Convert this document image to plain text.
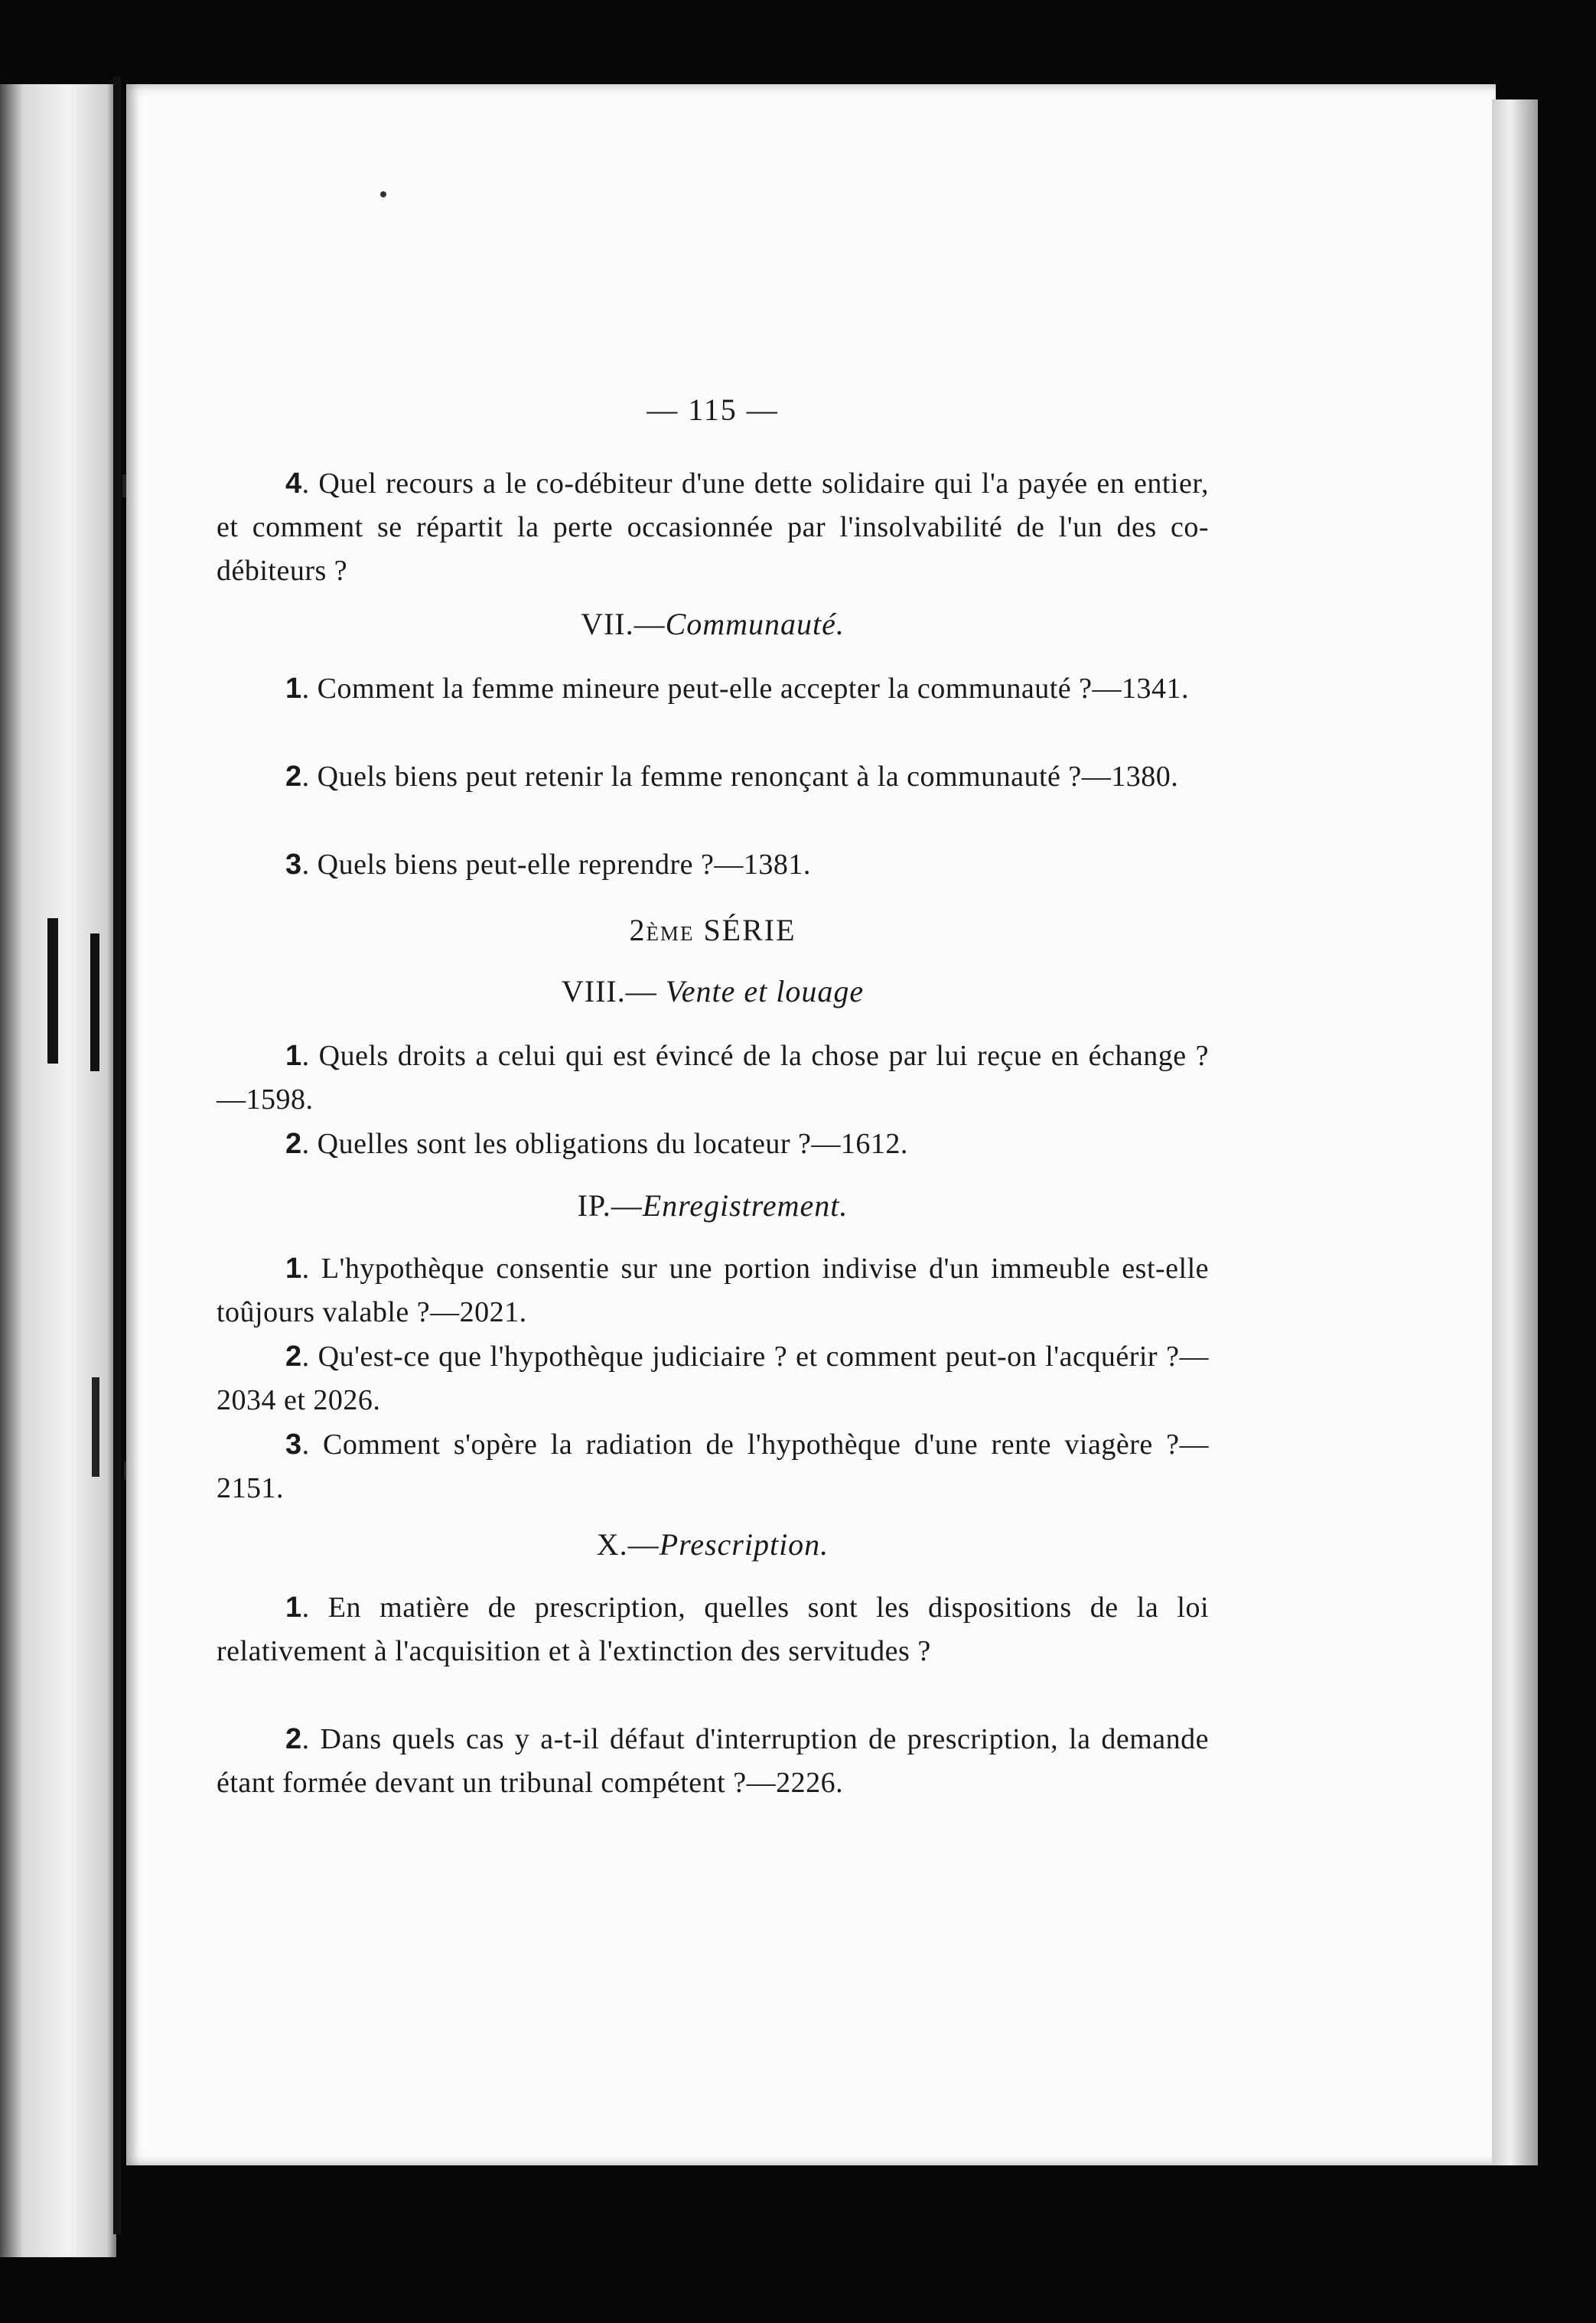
— 115 —
4. Quel recours a le co-débiteur d'une dette solidaire qui l'a payée en entier, et comment se répartit la perte occasionnée par l'insolvabilité de l'un des co-débiteurs ?
VII.—Communauté.
1. Comment la femme mineure peut-elle accepter la communauté ?—1341.
2. Quels biens peut retenir la femme renonçant à la communauté ?—1380.
3. Quels biens peut-elle reprendre ?—1381.
2ÈME SÉRIE
VIII.— Vente et louage
1. Quels droits a celui qui est évincé de la chose par lui reçue en échange ?—1598.
2. Quelles sont les obligations du locateur ?—1612.
IP.—Enregistrement.
1. L'hypothèque consentie sur une portion indivise d'un immeuble est-elle toûjours valable ?—2021.
2. Qu'est-ce que l'hypothèque judiciaire ? et comment peut-on l'acquérir ?—2034 et 2026.
3. Comment s'opère la radiation de l'hypothèque d'une rente viagère ?—2151.
X.—Prescription.
1. En matière de prescription, quelles sont les dispositions de la loi relativement à l'acquisition et à l'extinction des servitudes ?
2. Dans quels cas y a-t-il défaut d'interruption de prescription, la demande étant formée devant un tribunal compétent ?—2226.
